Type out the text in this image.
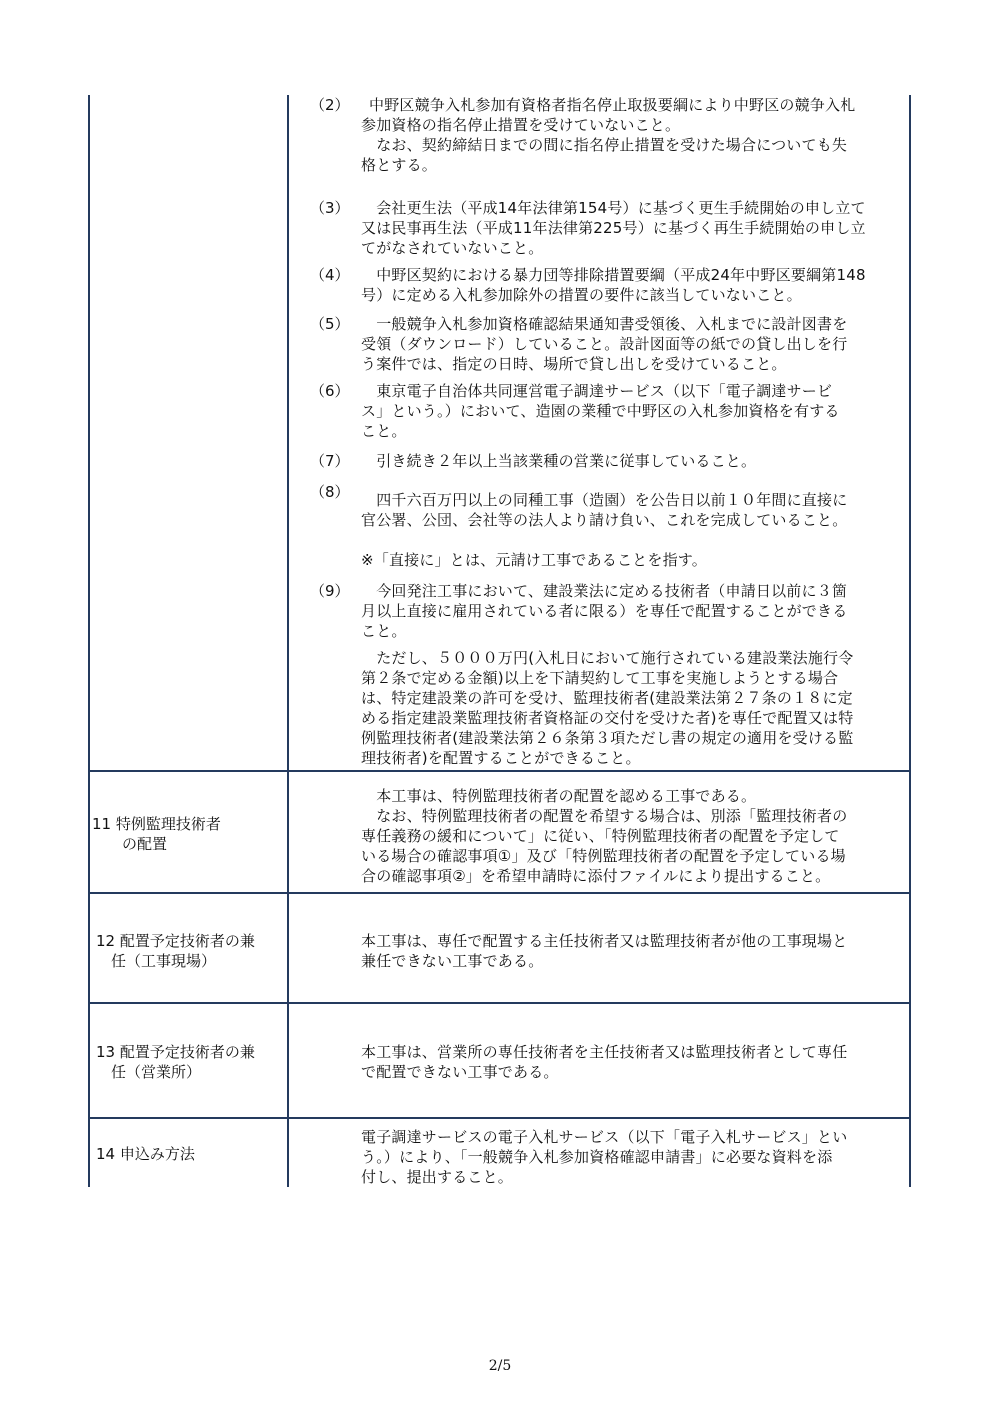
（2） 中野区競争入札参加有資格者指名停止取扱要綱により中野区の競争入札
参加資格の指名停止措置を受けていないこと。
　なお、契約締結日までの間に指名停止措置を受けた場合についても失
格とする。
（3） 　会社更生法（平成14年法律第154号）に基づく更生手続開始の申し立て
又は民事再生法（平成11年法律第225号）に基づく再生手続開始の申し立
てがなされていないこと。
（4） 　中野区契約における暴力団等排除措置要綱（平成24年中野区要綱第148
号）に定める入札参加除外の措置の要件に該当していないこと。
（5） 　一般競争入札参加資格確認結果通知書受領後、入札までに設計図書を
受領（ダウンロード）していること。設計図面等の紙での貸し出しを行
う案件では、指定の日時、場所で貸し出しを受けていること。
（6） 　東京電子自治体共同運営電子調達サービス（以下「電子調達サービ
ス」という。）において、造園の業種で中野区の入札参加資格を有する
こと。
（7） 　引き続き２年以上当該業種の営業に従事していること。
（8） 　四千六百万円以上の同種工事（造園）を公告日以前１０年間に直接に
官公署、公団、会社等の法人より請け負い、これを完成していること。
※「直接に」とは、元請け工事であることを指す。
（9） 　今回発注工事において、建設業法に定める技術者（申請日以前に３箇
月以上直接に雇用されている者に限る）を専任で配置することができる
こと。
　ただし、５０００万円(入札日において施行されている建設業法施行令
第２条で定める金額)以上を下請契約して工事を実施しようとする場合
は、特定建設業の許可を受け、監理技術者(建設業法第２７条の１８に定
める指定建設業監理技術者資格証の交付を受けた者)を専任で配置又は特
例監理技術者(建設業法第２６条第３項ただし書の規定の適用を受ける監
理技術者)を配置することができること。
11 特例監理技術者
　　の配置
　本工事は、特例監理技術者の配置を認める工事である。
　なお、特例監理技術者の配置を希望する場合は、別添「監理技術者の
専任義務の緩和について」に従い、「特例監理技術者の配置を予定して
いる場合の確認事項①」及び「特例監理技術者の配置を予定している場
合の確認事項②」を希望申請時に添付ファイルにより提出すること。
12 配置予定技術者の兼
　任（工事現場）
本工事は、専任で配置する主任技術者又は監理技術者が他の工事現場と
兼任できない工事である。
13 配置予定技術者の兼
　任（営業所）
本工事は、営業所の専任技術者を主任技術者又は監理技術者として専任
で配置できない工事である。
14 申込み方法
電子調達サービスの電子入札サービス（以下「電子入札サービス」とい
う。）により、「一般競争入札参加資格確認申請書」に必要な資料を添
付し、提出すること。
2/5
